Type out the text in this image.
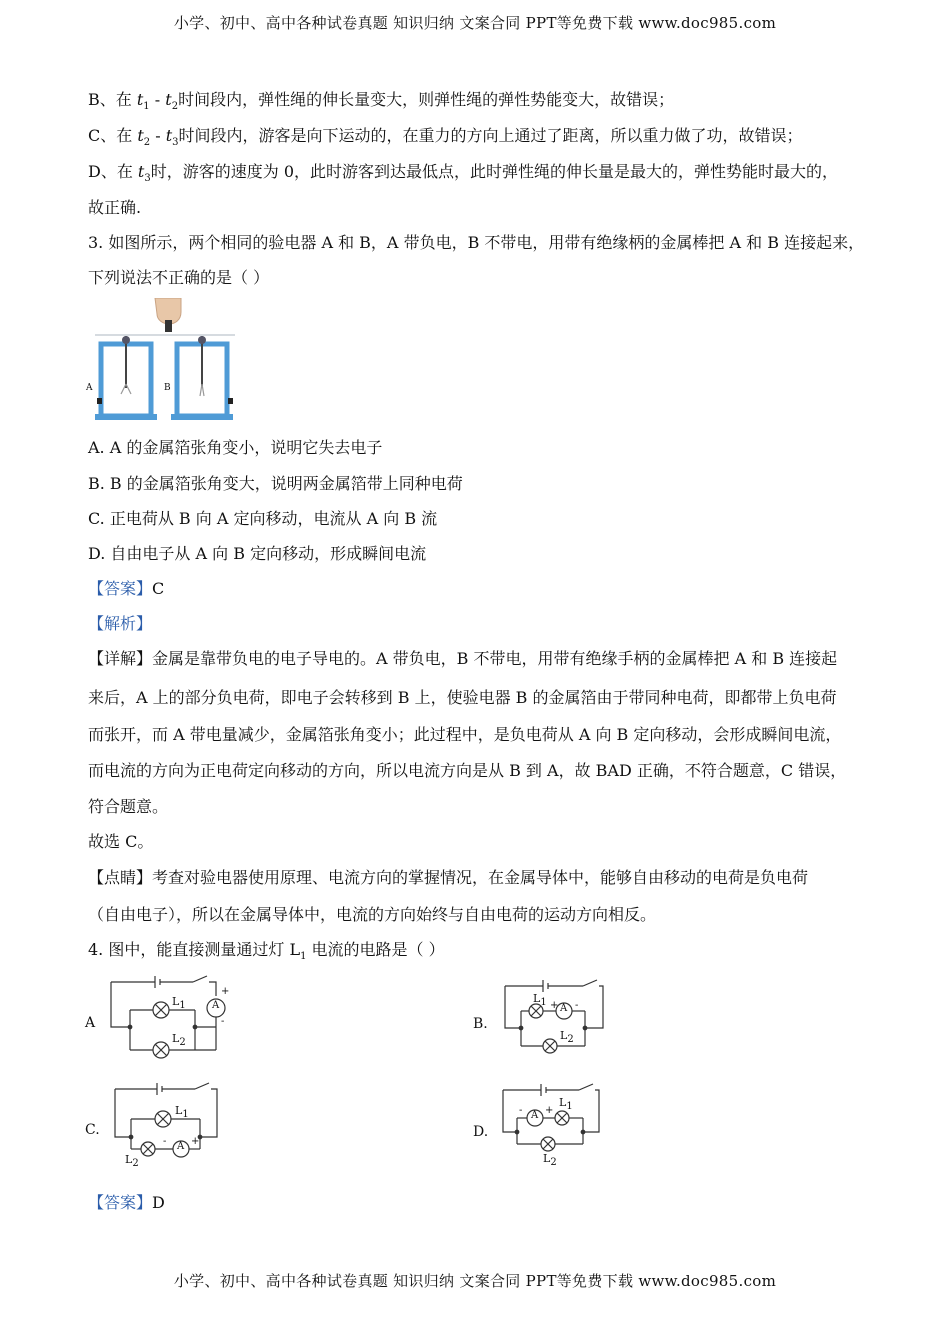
小学、初中、高中各种试卷真题 知识归纳 文案合同 PPT等免费下载 www.doc985.com
B、在 $t_1 - t_2$时间段内，弹性绳的伸长量变大，则弹性绳的弹性势能变大，故错误；
C、在 $t_2 - t_3$时间段内，游客是向下运动的，在重力的方向上通过了距离，所以重力做了功，故错误；
D、在 $t_3$时，游客的速度为 0，此时游客到达最低点，此时弹性绳的伸长量是最大的，弹性势能时最大的，
故正确.
3. 如图所示，两个相同的验电器 A 和 B，A 带负电，B 不带电，用带有绝缘柄的金属棒把 A 和 B 连接起来，
下列说法不正确的是（ ）
A	B
A. A 的金属箔张角变小，说明它失去电子
B. B 的金属箔张角变大，说明两金属箔带上同种电荷
C. 正电荷从 B 向 A 定向移动，电流从 A 向 B 流
D. 自由电子从 A 向 B 定向移动，形成瞬间电流
【答案】C
【解析】
【详解】金属是靠带负电的电子导电的。A 带负电，B 不带电，用带有绝缘手柄的金属棒把 A 和 B 连接起
来后，A 上的部分负电荷，即电子会转移到 B 上，使验电器 B 的金属箔由于带同种电荷，即都带上负电荷
而张开，而 A 带电量减少，金属箔张角变小；此过程中，是负电荷从 A 向 B 定向移动，会形成瞬间电流，
而电流的方向为正电荷定向移动的方向，所以电流方向是从 B 到 A，故 BAD 正确，不符合题意，C 错误，
符合题意。
故选 C。
【点睛】考查对验电器使用原理、电流方向的掌握情况，在金属导体中，能够自由移动的电荷是负电荷
（自由电子），所以在金属导体中，电流的方向始终与自由电荷的运动方向相反。
4. 图中，能直接测量通过灯 $L_1$ 电流的电路是（ ）
A
$L_1$
$L_2$
A
+
-	B.
$L_1$
$L_2$
A
+ -
C.
$L_1$
$L_2$
A +
-
D.
$L_1$
$L_2$
A +
-
【答案】D
小学、初中、高中各种试卷真题 知识归纳 文案合同 PPT等免费下载 www.doc985.com
